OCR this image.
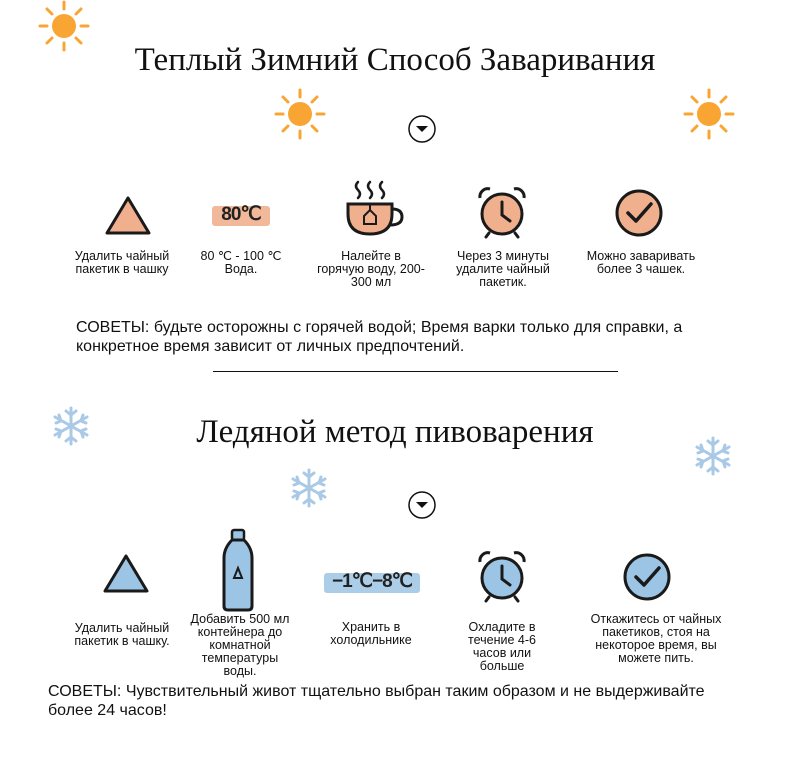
Теплый Зимний Способ Заваривания
80℃
Удалить чайный пакетик в чашку
80 ℃ - 100 ℃ Вода.
Налейте в горячую воду, 200-300 мл
Через 3 минуты удалите чайный пакетик.
Можно заваривать более 3 чашек.
СОВЕТЫ: будьте осторожны с горячей водой; Время варки только для справки, а конкретное время зависит от личных предпочтений.
Ледяной метод пивоварения
−1℃−8℃
Удалить чайный пакетик в чашку.
Добавить 500 мл контейнера до комнатной температуры воды.
Хранить в холодильнике
Охладите в течение 4-6 часов или больше
Откажитесь от чайных пакетиков, стоя на некоторое время, вы можете пить.
СОВЕТЫ: Чувствительный живот тщательно выбран таким образом и не выдерживайте более 24 часов!
